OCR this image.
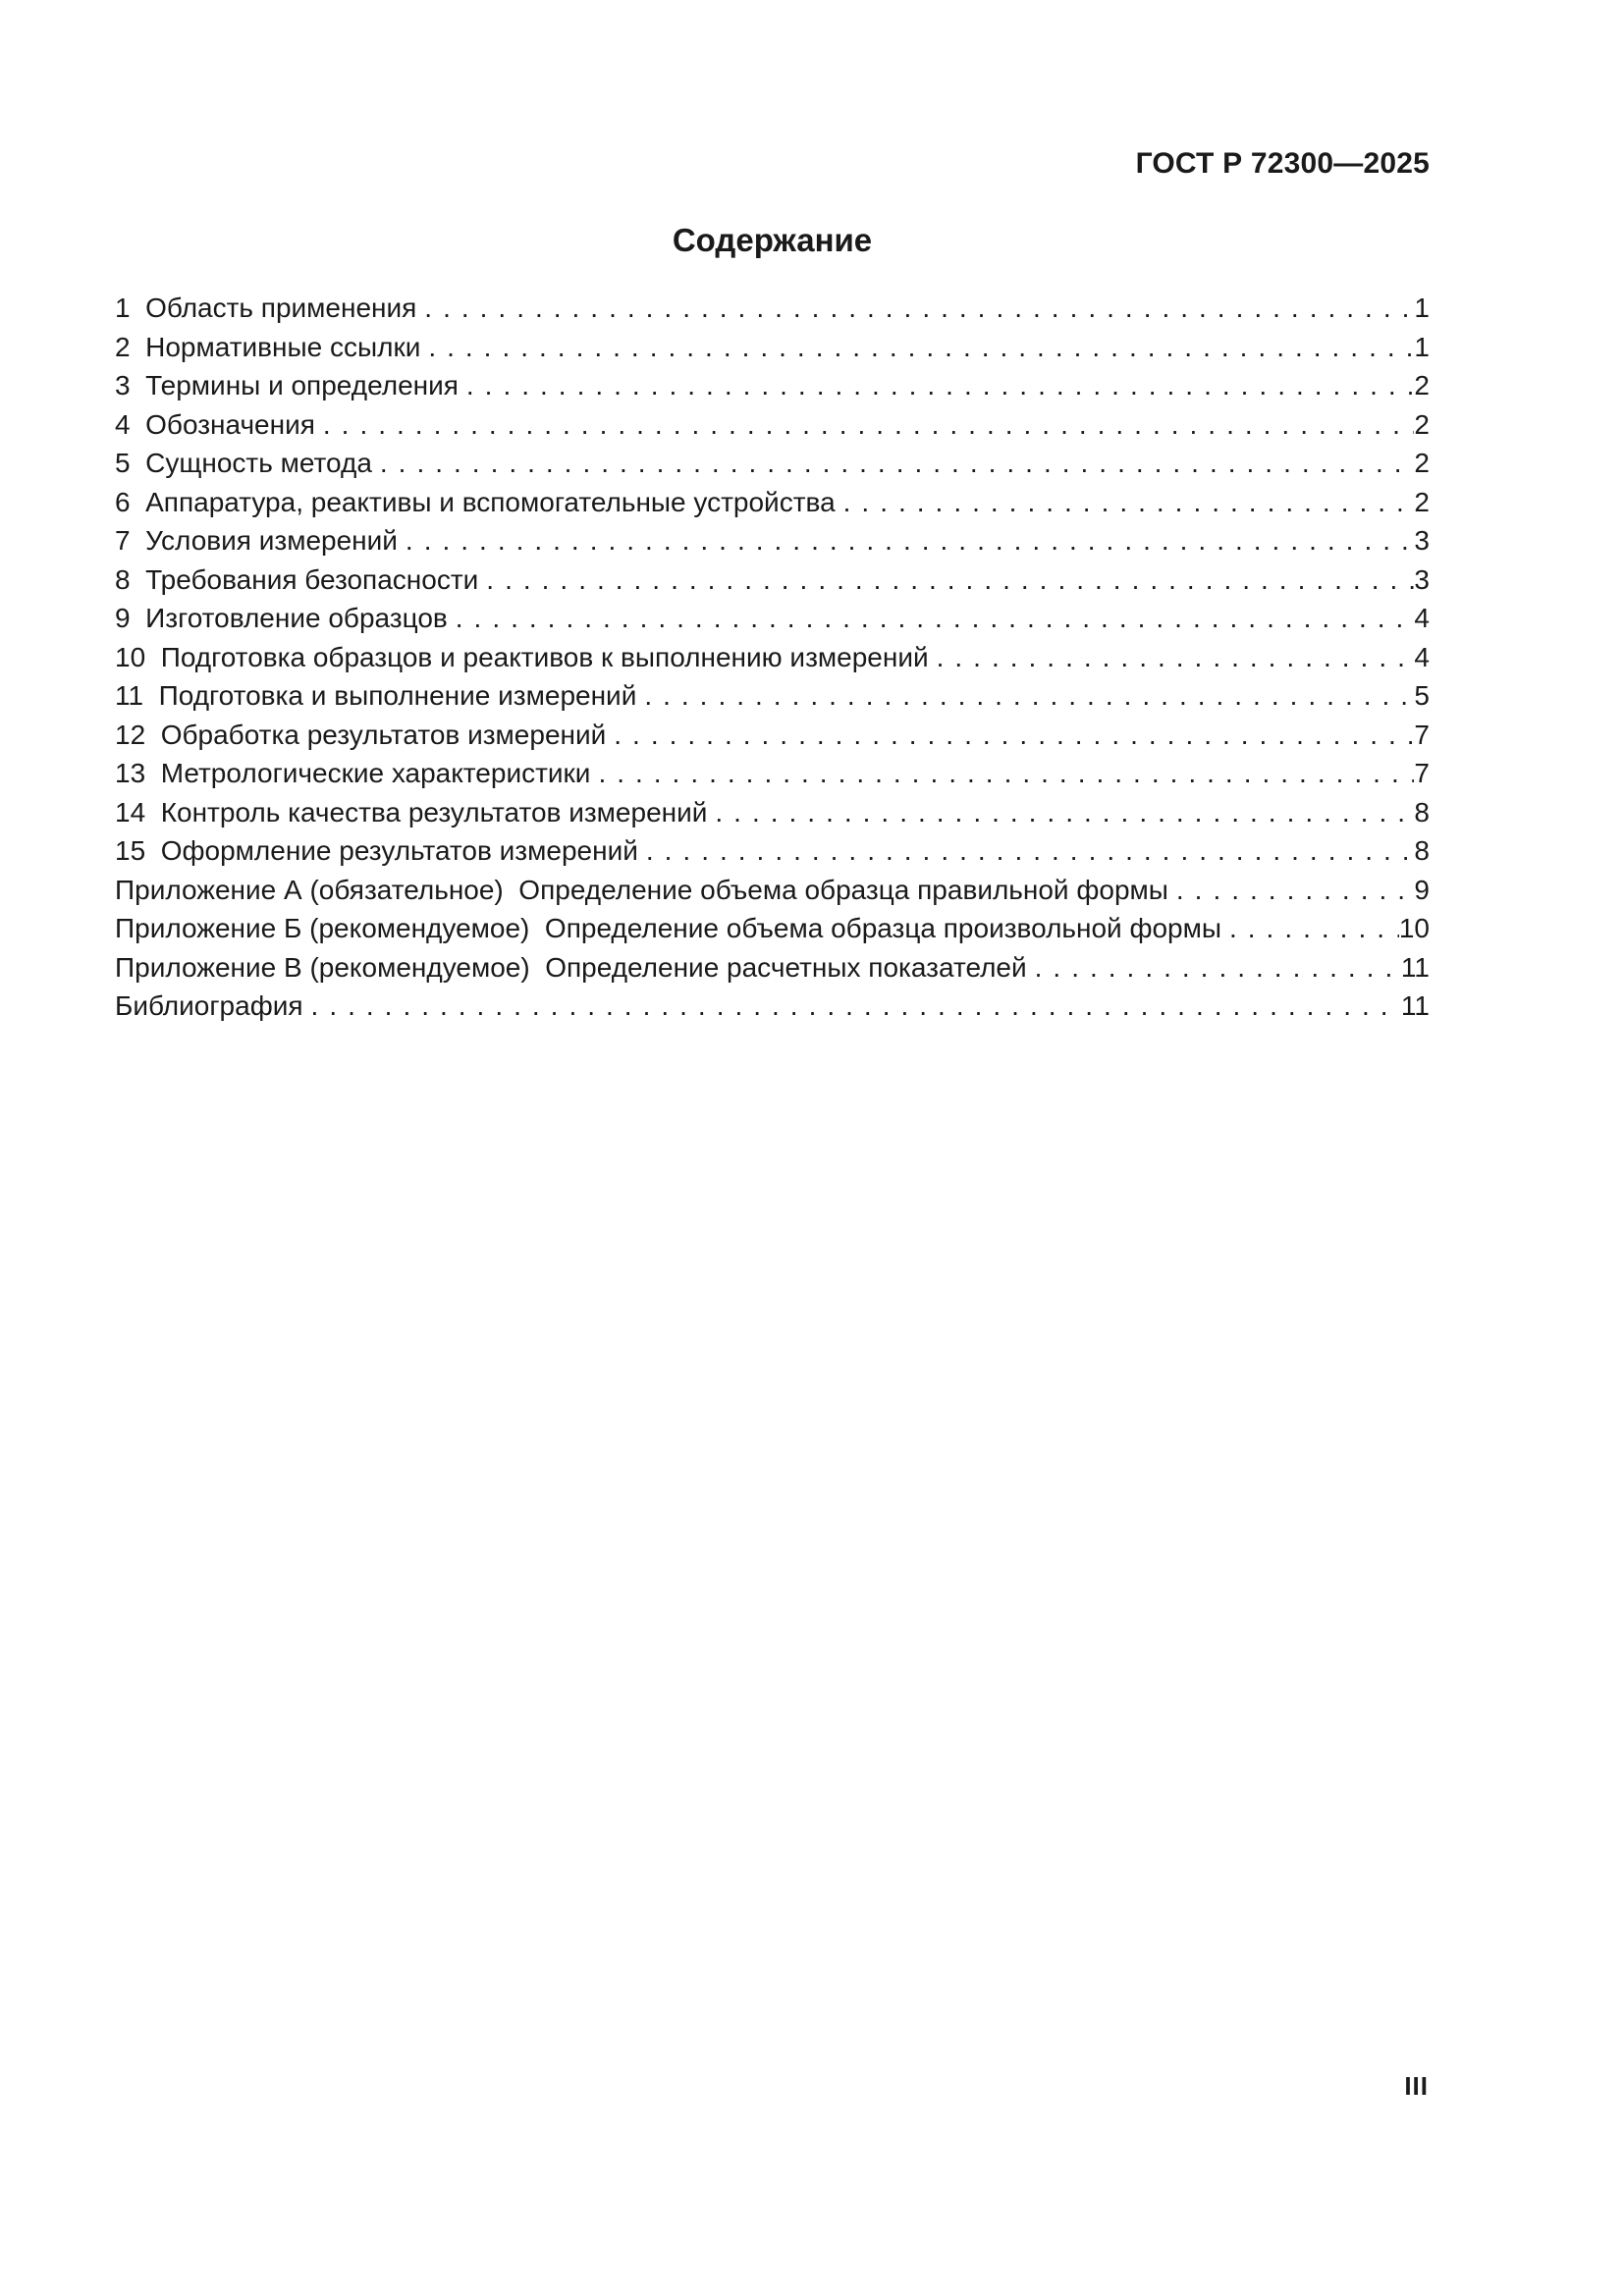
ГОСТ Р 72300—2025
Содержание
1  Область применения .....	1
2  Нормативные ссылки .....	1
3  Термины и определения .....	2
4  Обозначения .....	2
5  Сущность метода .....	2
6  Аппаратура, реактивы и вспомогательные устройства .....	2
7  Условия измерений .....	3
8  Требования безопасности .....	3
9  Изготовление образцов .....	4
10  Подготовка образцов и реактивов к выполнению измерений .....	4
11  Подготовка и выполнение измерений .....	5
12  Обработка результатов измерений .....	7
13  Метрологические характеристики .....	7
14  Контроль качества результатов измерений .....	8
15  Оформление результатов измерений .....	8
Приложение А (обязательное)  Определение объема образца правильной формы .....	9
Приложение Б (рекомендуемое)  Определение объема образца произвольной формы .....	10
Приложение В (рекомендуемое)  Определение расчетных показателей .....	11
Библиография .....	11
III
